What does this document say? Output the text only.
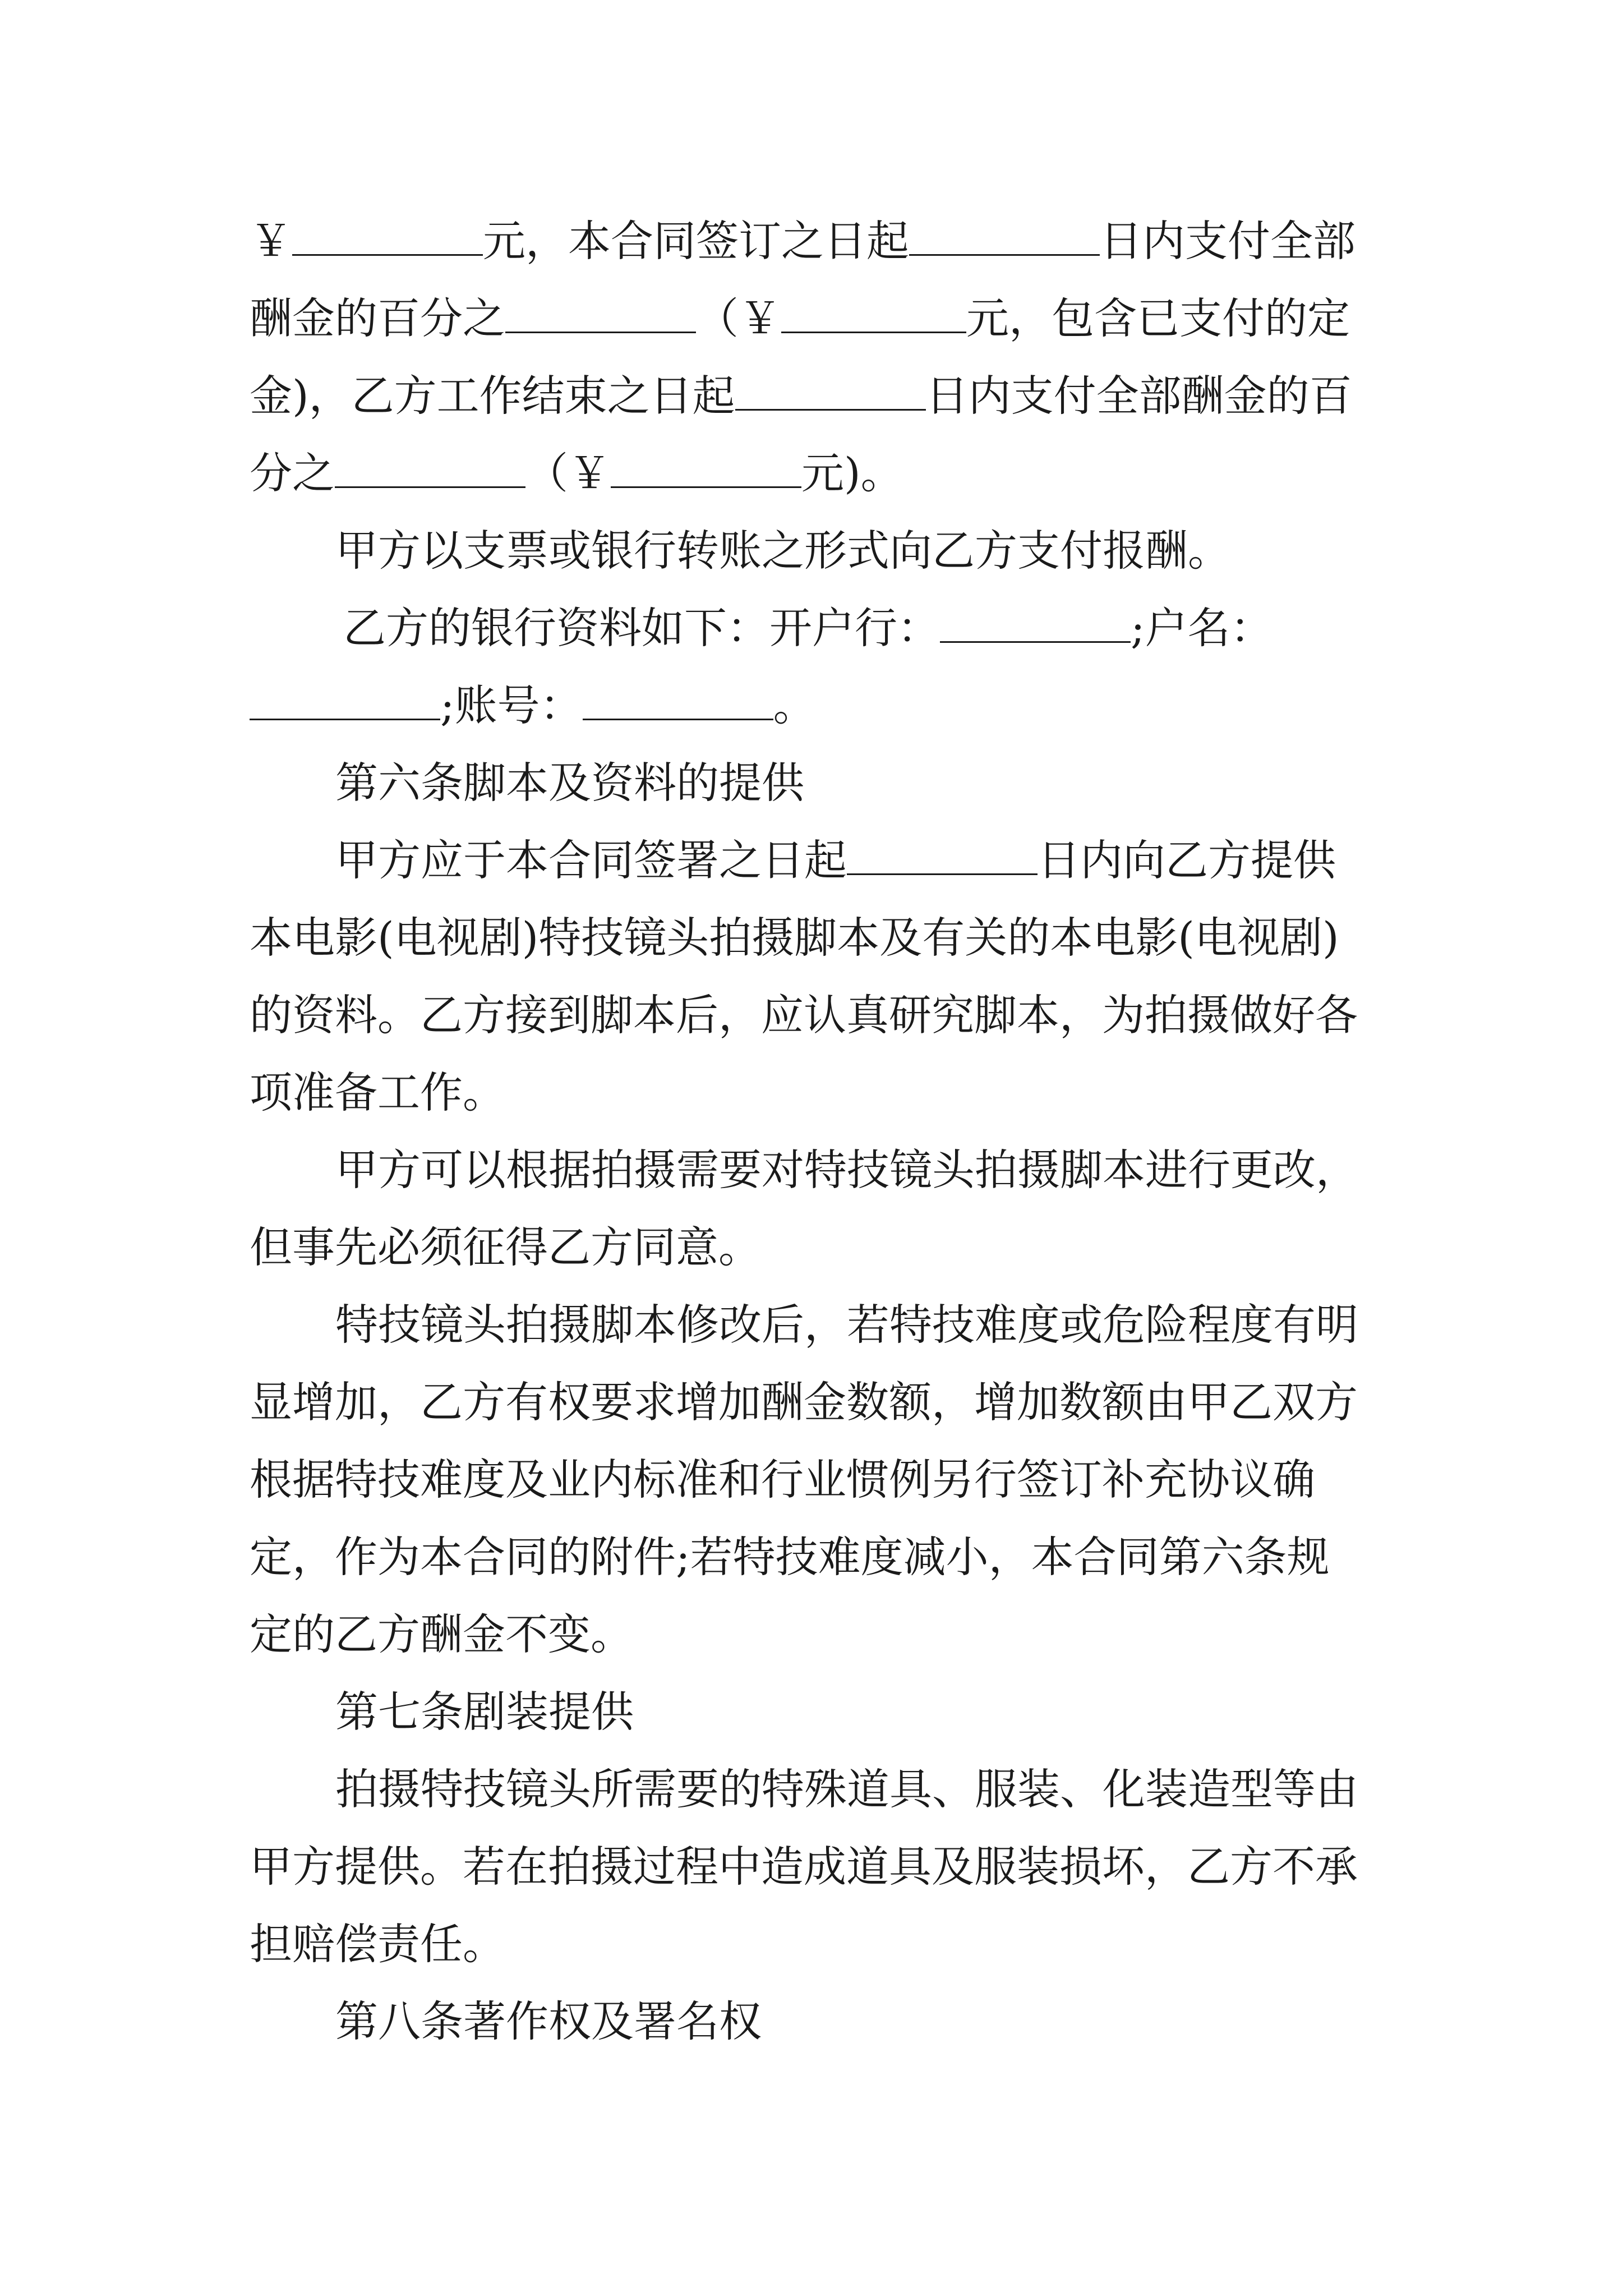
￥	元，本合同签订之日起	日内支付全部
酬金的百分之	（￥	元，包含已支付的定
金)，乙方工作结束之日起	日内支付全部酬金的百
分之	（￥	元)。
甲方以支票或银行转账之形式向乙方支付报酬。
乙方的银行资料如下：开户行：	;户名：
;账号：	。
第六条脚本及资料的提供
甲方应于本合同签署之日起	日内向乙方提供
本电影(电视剧)特技镜头拍摄脚本及有关的本电影(电视剧)
的资料。乙方接到脚本后，应认真研究脚本，为拍摄做好各
项准备工作。
甲方可以根据拍摄需要对特技镜头拍摄脚本进行更改，
但事先必须征得乙方同意。
特技镜头拍摄脚本修改后，若特技难度或危险程度有明
显增加，乙方有权要求增加酬金数额，增加数额由甲乙双方
根据特技难度及业内标准和行业惯例另行签订补充协议确
定，作为本合同的附件;若特技难度减小，本合同第六条规
定的乙方酬金不变。
第七条剧装提供
拍摄特技镜头所需要的特殊道具、服装、化装造型等由
甲方提供。若在拍摄过程中造成道具及服装损坏，乙方不承
担赔偿责任。
第八条著作权及署名权
